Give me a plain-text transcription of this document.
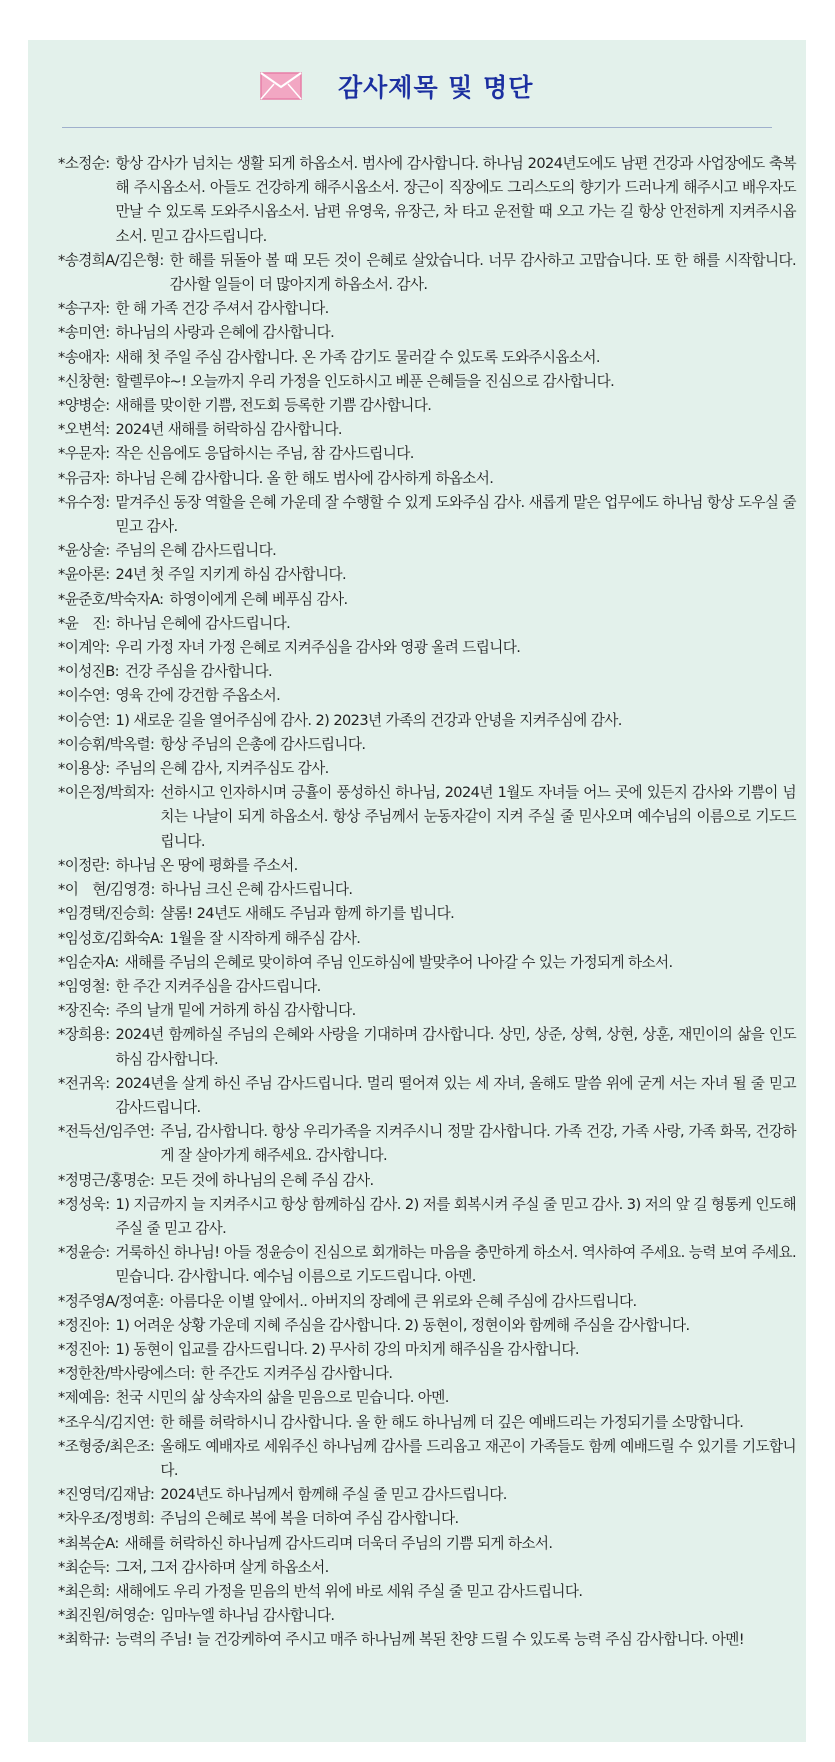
감사제목 및 명단
*소정순: 항상 감사가 넘치는 생활 되게 하옵소서. 범사에 감사합니다. 하나님 2024년도에도 남편 건강과 사업장에도 축복해 주시옵소서. 아들도 건강하게 해주시옵소서. 장근이 직장에도 그리스도의 향기가 드러나게 해주시고 배우자도 만날 수 있도록 도와주시옵소서. 남편 유영욱, 유장근, 차 타고 운전할 때 오고 가는 길 항상 안전하게 지켜주시옵소서. 믿고 감사드립니다.
*송경희A/김은형: 한 해를 뒤돌아 볼 때 모든 것이 은혜로 살았습니다. 너무 감사하고 고맙습니다. 또 한 해를 시작합니다. 감사할 일들이 더 많아지게 하옵소서. 감사.
*송구자: 한 해 가족 건강 주셔서 감사합니다.
*송미연: 하나님의 사랑과 은혜에 감사합니다.
*송애자: 새해 첫 주일 주심 감사합니다. 온 가족 감기도 물러갈 수 있도록 도와주시옵소서.
*신창현: 할렐루야~! 오늘까지 우리 가정을 인도하시고 베푼 은혜들을 진심으로 감사합니다.
*양병순: 새해를 맞이한 기쁨, 전도회 등록한 기쁨 감사합니다.
*오변석: 2024년 새해를 허락하심 감사합니다.
*우문자: 작은 신음에도 응답하시는 주님, 참 감사드립니다.
*유금자: 하나님 은혜 감사합니다. 올 한 해도 범사에 감사하게 하옵소서.
*유수정: 맡겨주신 동장 역할을 은혜 가운데 잘 수행할 수 있게 도와주심 감사. 새롭게 맡은 업무에도 하나님 항상 도우실 줄 믿고 감사.
*윤상술: 주님의 은혜 감사드립니다.
*윤아론: 24년 첫 주일 지키게 하심 감사합니다.
*윤준호/박숙자A: 하영이에게 은혜 베푸심 감사.
*윤　진: 하나님 은혜에 감사드립니다.
*이계악: 우리 가정 자녀 가정 은혜로 지켜주심을 감사와 영광 올려 드립니다.
*이성진B: 건강 주심을 감사합니다.
*이수연: 영육 간에 강건함 주옵소서.
*이승연: 1) 새로운 길을 열어주심에 감사. 2) 2023년 가족의 건강과 안녕을 지켜주심에 감사.
*이승휘/박옥렬: 항상 주님의 은총에 감사드립니다.
*이용상: 주님의 은혜 감사, 지켜주심도 감사.
*이은정/박희자: 선하시고 인자하시며 긍휼이 풍성하신 하나님, 2024년 1월도 자녀들 어느 곳에 있든지 감사와 기쁨이 넘치는 나날이 되게 하옵소서. 항상 주님께서 눈동자같이 지켜 주실 줄 믿사오며 예수님의 이름으로 기도드립니다.
*이정란: 하나님 온 땅에 평화를 주소서.
*이　현/김영경: 하나님 크신 은혜 감사드립니다.
*임경택/진승희: 샬롬! 24년도 새해도 주님과 함께 하기를 빕니다.
*임성호/김화숙A: 1월을 잘 시작하게 해주심 감사.
*임순자A: 새해를 주님의 은혜로 맞이하여 주님 인도하심에 발맞추어 나아갈 수 있는 가정되게 하소서.
*임영철: 한 주간 지켜주심을 감사드립니다.
*장진숙: 주의 날개 밑에 거하게 하심 감사합니다.
*장희용: 2024년 함께하실 주님의 은혜와 사랑을 기대하며 감사합니다. 상민, 상준, 상혁, 상현, 상훈, 재민이의 삶을 인도하심 감사합니다.
*전귀옥: 2024년을 살게 하신 주님 감사드립니다. 멀리 떨어져 있는 세 자녀, 올해도 말씀 위에 굳게 서는 자녀 될 줄 믿고 감사드립니다.
*전득선/임주연: 주님, 감사합니다. 항상 우리가족을 지켜주시니 정말 감사합니다. 가족 건강, 가족 사랑, 가족 화목, 건강하게 잘 살아가게 해주세요. 감사합니다.
*정명근/홍명순: 모든 것에 하나님의 은혜 주심 감사.
*정성욱: 1) 지금까지 늘 지켜주시고 항상 함께하심 감사. 2) 저를 회복시켜 주실 줄 믿고 감사. 3) 저의 앞 길 형통케 인도해 주실 줄 믿고 감사.
*정윤승: 거룩하신 하나님! 아들 정윤승이 진심으로 회개하는 마음을 충만하게 하소서. 역사하여 주세요. 능력 보여 주세요. 믿습니다. 감사합니다. 예수님 이름으로 기도드립니다. 아멘.
*정주영A/정여훈: 아름다운 이별 앞에서.. 아버지의 장례에 큰 위로와 은혜 주심에 감사드립니다.
*정진아: 1) 어려운 상황 가운데 지혜 주심을 감사합니다. 2) 동현이, 정현이와 함께해 주심을 감사합니다.
*정진아: 1) 동현이 입교를 감사드립니다. 2) 무사히 강의 마치게 해주심을 감사합니다.
*정한찬/박사랑에스더: 한 주간도 지켜주심 감사합니다.
*제예음: 천국 시민의 삶 상속자의 삶을 믿음으로 믿습니다. 아멘.
*조우식/김지연: 한 해를 허락하시니 감사합니다. 올 한 해도 하나님께 더 깊은 예배드리는 가정되기를 소망합니다.
*조형중/최은조: 올해도 예배자로 세워주신 하나님께 감사를 드리옵고 재곤이 가족들도 함께 예배드릴 수 있기를 기도합니다.
*진영덕/김재남: 2024년도 하나님께서 함께해 주실 줄 믿고 감사드립니다.
*차우조/정병희: 주님의 은혜로 복에 복을 더하여 주심 감사합니다.
*최복순A: 새해를 허락하신 하나님께 감사드리며 더욱더 주님의 기쁨 되게 하소서.
*최순득: 그저, 그저 감사하며 살게 하옵소서.
*최은희: 새해에도 우리 가정을 믿음의 반석 위에 바로 세워 주실 줄 믿고 감사드립니다.
*최진원/허영순: 임마누엘 하나님 감사합니다.
*최학규: 능력의 주님! 늘 건강케하여 주시고 매주 하나님께 복된 찬양 드릴 수 있도록 능력 주심 감사합니다. 아멘!
